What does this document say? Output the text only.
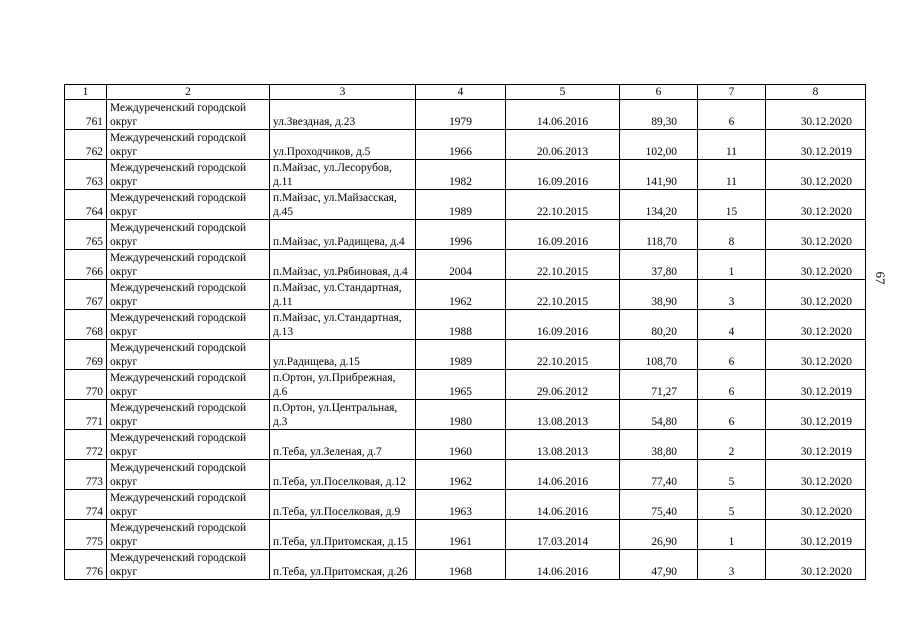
1	2	3	4	5	6	7	8
761	Междуреченский городской округ	ул.Звездная, д.23	1979	14.06.2016	89,30	6	30.12.2020
762	Междуреченский городской округ	ул.Проходчиков, д.5	1966	20.06.2013	102,00	11	30.12.2019
763	Междуреченский городской округ	п.Майзас, ул.Лесорубов, д.11	1982	16.09.2016	141,90	11	30.12.2020
764	Междуреченский городской округ	п.Майзас, ул.Майзасская, д.45	1989	22.10.2015	134,20	15	30.12.2020
765	Междуреченский городской округ	п.Майзас, ул.Радищева, д.4	1996	16.09.2016	118,70	8	30.12.2020
766	Междуреченский городской округ	п.Майзас, ул.Рябиновая, д.4	2004	22.10.2015	37,80	1	30.12.2020
767	Междуреченский городской округ	п.Майзас, ул.Стандартная, д.11	1962	22.10.2015	38,90	3	30.12.2020
768	Междуреченский городской округ	п.Майзас, ул.Стандартная, д.13	1988	16.09.2016	80,20	4	30.12.2020
769	Междуреченский городской округ	ул.Радищева, д.15	1989	22.10.2015	108,70	6	30.12.2020
770	Междуреченский городской округ	п.Ортон, ул.Прибрежная, д.6	1965	29.06.2012	71,27	6	30.12.2019
771	Междуреченский городской округ	п.Ортон, ул.Центральная, д.3	1980	13.08.2013	54,80	6	30.12.2019
772	Междуреченский городской округ	п.Теба, ул.Зеленая, д.7	1960	13.08.2013	38,80	2	30.12.2019
773	Междуреченский городской округ	п.Теба, ул.Поселковая, д.12	1962	14.06.2016	77,40	5	30.12.2020
774	Междуреченский городской округ	п.Теба, ул.Поселковая, д.9	1963	14.06.2016	75,40	5	30.12.2020
775	Междуреченский городской округ	п.Теба, ул.Притомская, д.15	1961	17.03.2014	26,90	1	30.12.2019
776	Междуреченский городской округ	п.Теба, ул.Притомская, д.26	1968	14.06.2016	47,90	3	30.12.2020
67
